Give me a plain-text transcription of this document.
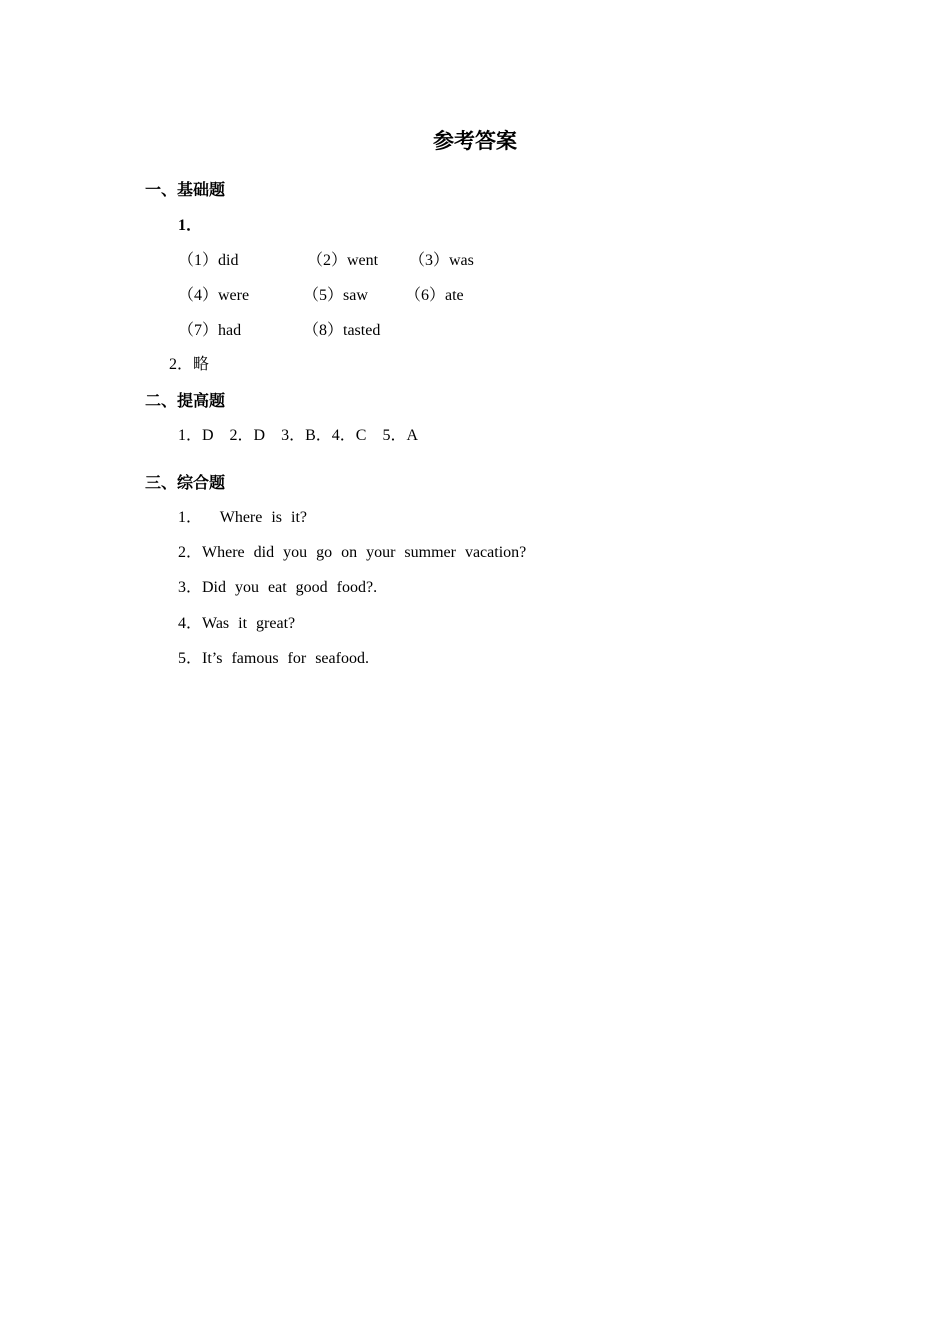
参考答案
一、基础题
1．
（1）did	（2）went （3）was
（4）were	（5）saw （6）ate
（7）had	（8）tasted
2．略
二、提高题
1．D    2．D    3．B．4．C    5．A
三、综合题
1．  Where is it?
2．Where did you go on your summer vacation?
3．Did you eat good food?.
4．Was it great?
5．It’s famous for seafood.
